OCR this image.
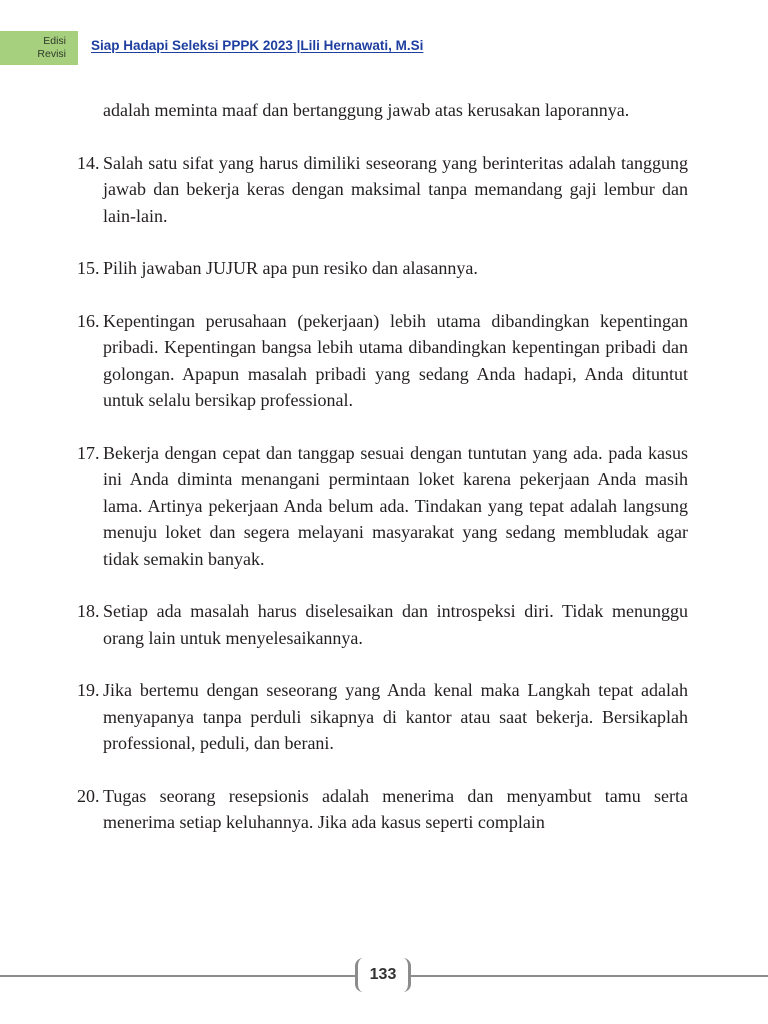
Edisi
Revisi
Siap Hadapi Seleksi PPPK 2023 |Lili Hernawati, M.Si

adalah meminta maaf dan bertanggung jawab atas kerusakan laporannya.

14. Salah satu sifat yang harus dimiliki seseorang yang berinteritas adalah tanggung jawab dan bekerja keras dengan maksimal tanpa memandang gaji lembur dan lain-lain.

15. Pilih jawaban JUJUR apa pun resiko dan alasannya.

16. Kepentingan perusahaan (pekerjaan) lebih utama dibandingkan kepentingan pribadi. Kepentingan bangsa lebih utama dibandingkan kepentingan pribadi dan golongan. Apapun masalah pribadi yang sedang Anda hadapi, Anda dituntut untuk selalu bersikap professional.

17. Bekerja dengan cepat dan tanggap sesuai dengan tuntutan yang ada. pada kasus ini Anda diminta menangani permintaan loket karena pekerjaan Anda masih lama. Artinya pekerjaan Anda belum ada. Tindakan yang tepat adalah langsung menuju loket dan segera melayani masyarakat yang sedang membludak agar tidak semakin banyak.

18. Setiap ada masalah harus diselesaikan dan introspeksi diri. Tidak menunggu orang lain untuk menyelesaikannya.

19. Jika bertemu dengan seseorang yang Anda kenal maka Langkah tepat adalah menyapanya tanpa perduli sikapnya di kantor atau saat bekerja. Bersikaplah professional, peduli, dan berani.

20. Tugas seorang resepsionis adalah menerima dan menyambut tamu serta menerima setiap keluhannya. Jika ada kasus seperti complain

133
